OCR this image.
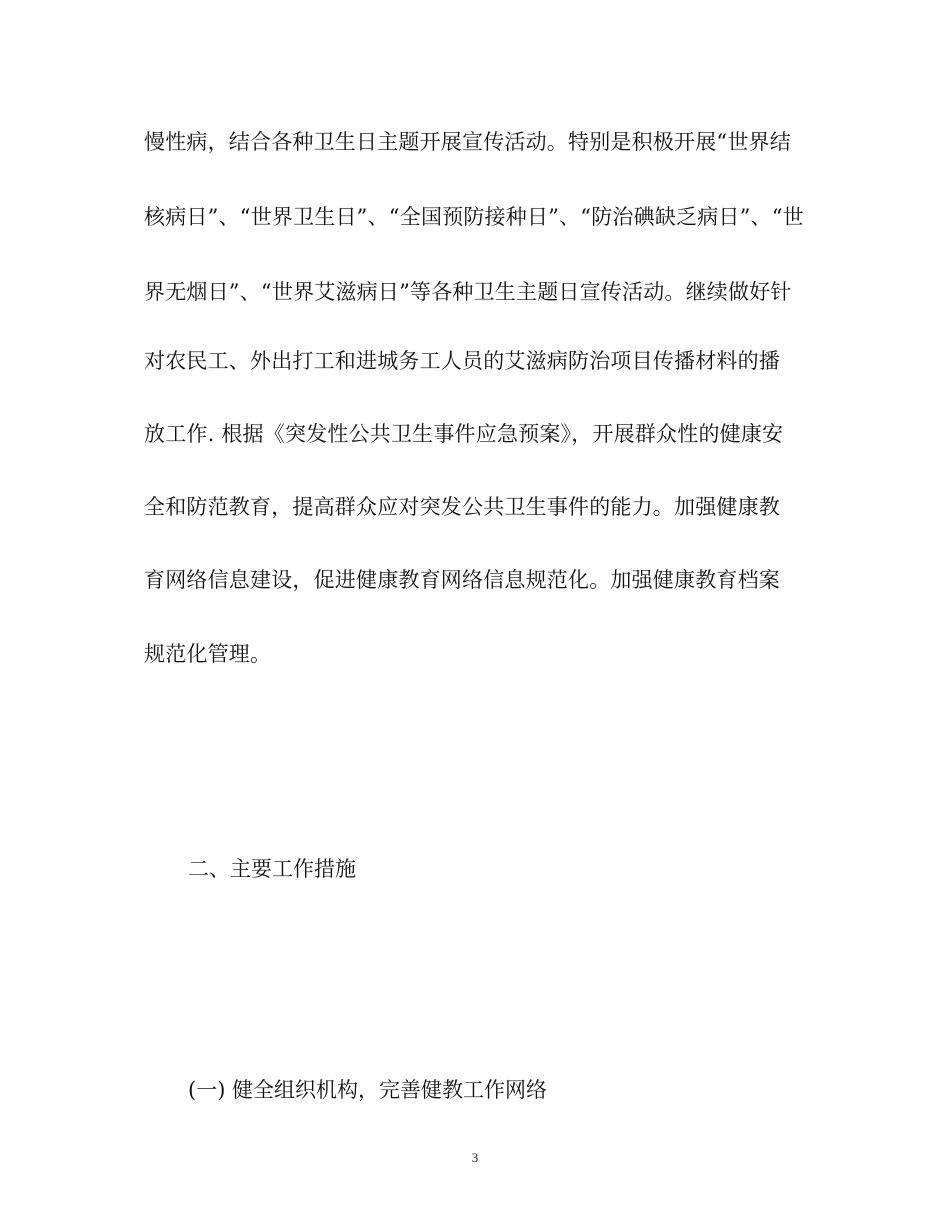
慢性病，结合各种卫生日主题开展宣传活动。特别是积极开展“世界结
核病日”、“世界卫生日”、“全国预防接种日”、“防治碘缺乏病日”、“世
界无烟日”、“世界艾滋病日”等各种卫生主题日宣传活动。继续做好针
对农民工、外出打工和进城务工人员的艾滋病防治项目传播材料的播
放工作. 根据《突发性公共卫生事件应急预案》，开展群众性的健康安
全和防范教育，提高群众应对突发公共卫生事件的能力。加强健康教
育网络信息建设，促进健康教育网络信息规范化。加强健康教育档案
规范化管理。
二、主要工作措施
(一) 健全组织机构，完善健教工作网络
3
